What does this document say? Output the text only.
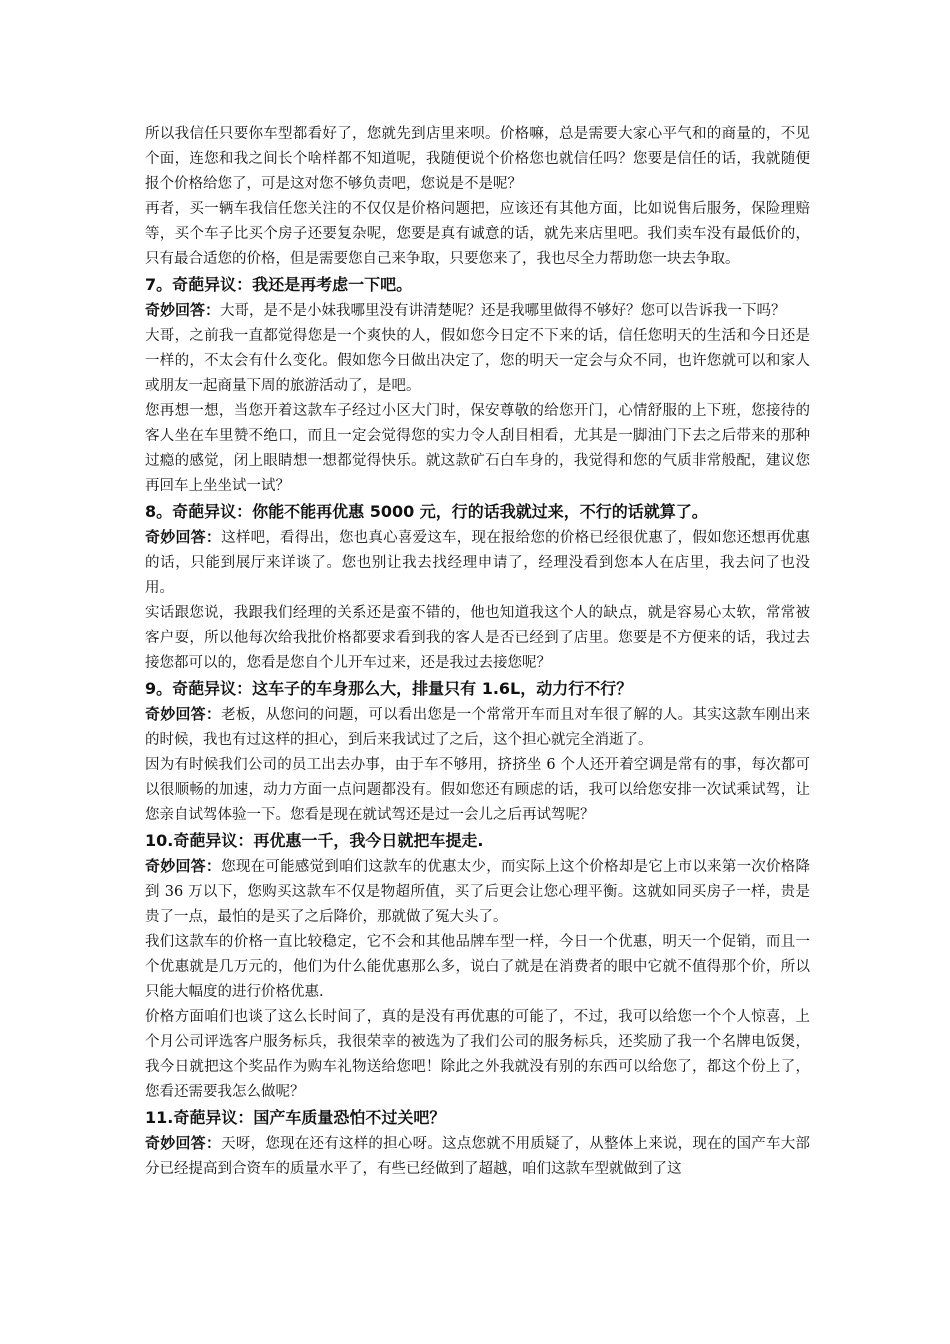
所以我信任只要你车型都看好了，您就先到店里来呗。价格嘛，总是需要大家心平气和的商量的，不见个面，连您和我之间长个啥样都不知道呢，我随便说个价格您也就信任吗？您要是信任的话，我就随便报个价格给您了，可是这对您不够负责吧，您说是不是呢？

再者，买一辆车我信任您关注的不仅仅是价格问题把，应该还有其他方面，比如说售后服务，保险理赔等，买个车子比买个房子还要复杂呢，您要是真有诚意的话，就先来店里吧。我们卖车没有最低价的，只有最合适您的价格，但是需要您自己来争取，只要您来了，我也尽全力帮助您一块去争取。

7。奇葩异议：我还是再考虑一下吧。

奇妙回答：大哥，是不是小妹我哪里没有讲清楚呢？还是我哪里做得不够好？您可以告诉我一下吗？

大哥，之前我一直都觉得您是一个爽快的人，假如您今日定不下来的话，信任您明天的生活和今日还是一样的，不太会有什么变化。假如您今日做出决定了，您的明天一定会与众不同，也许您就可以和家人或朋友一起商量下周的旅游活动了，是吧。

您再想一想，当您开着这款车子经过小区大门时，保安尊敬的给您开门，心情舒服的上下班，您接待的客人坐在车里赞不绝口，而且一定会觉得您的实力令人刮目相看，尤其是一脚油门下去之后带来的那种过瘾的感觉，闭上眼睛想一想都觉得快乐。就这款矿石白车身的，我觉得和您的气质非常般配，建议您再回车上坐坐试一试？

8。奇葩异议：你能不能再优惠 5000 元，行的话我就过来，不行的话就算了。

奇妙回答：这样吧，看得出，您也真心喜爱这车，现在报给您的价格已经很优惠了，假如您还想再优惠的话，只能到展厅来详谈了。您也别让我去找经理申请了，经理没看到您本人在店里，我去问了也没用。

实话跟您说，我跟我们经理的关系还是蛮不错的，他也知道我这个人的缺点，就是容易心太软，常常被客户耍，所以他每次给我批价格都要求看到我的客人是否已经到了店里。您要是不方便来的话，我过去接您都可以的，您看是您自个儿开车过来，还是我过去接您呢？

9。奇葩异议：这车子的车身那么大，排量只有 1.6L，动力行不行？

奇妙回答：老板，从您问的问题，可以看出您是一个常常开车而且对车很了解的人。其实这款车刚出来的时候，我也有过这样的担心，到后来我试过了之后，这个担心就完全消逝了。

因为有时候我们公司的员工出去办事，由于车不够用，挤挤坐 6 个人还开着空调是常有的事，每次都可以很顺畅的加速，动力方面一点问题都没有。假如您还有顾虑的话，我可以给您安排一次试乘试驾，让您亲自试驾体验一下。您看是现在就试驾还是过一会儿之后再试驾呢？

10.奇葩异议：再优惠一千，我今日就把车提走.

奇妙回答：您现在可能感觉到咱们这款车的优惠太少，而实际上这个价格却是它上市以来第一次价格降到 36 万以下，您购买这款车不仅是物超所值，买了后更会让您心理平衡。这就如同买房子一样，贵是贵了一点，最怕的是买了之后降价，那就做了冤大头了。

我们这款车的价格一直比较稳定，它不会和其他品牌车型一样，今日一个优惠，明天一个促销，而且一个优惠就是几万元的，他们为什么能优惠那么多，说白了就是在消费者的眼中它就不值得那个价，所以只能大幅度的进行价格优惠.

价格方面咱们也谈了这么长时间了，真的是没有再优惠的可能了，不过，我可以给您一个个人惊喜，上个月公司评选客户服务标兵，我很荣幸的被选为了我们公司的服务标兵，还奖励了我一个名牌电饭煲，我今日就把这个奖品作为购车礼物送给您吧！除此之外我就没有别的东西可以给您了，都这个份上了，您看还需要我怎么做呢？

11.奇葩异议：国产车质量恐怕不过关吧？

奇妙回答：天呀，您现在还有这样的担心呀。这点您就不用质疑了，从整体上来说，现在的国产车大部分已经提高到合资车的质量水平了，有些已经做到了超越，咱们这款车型就做到了这
